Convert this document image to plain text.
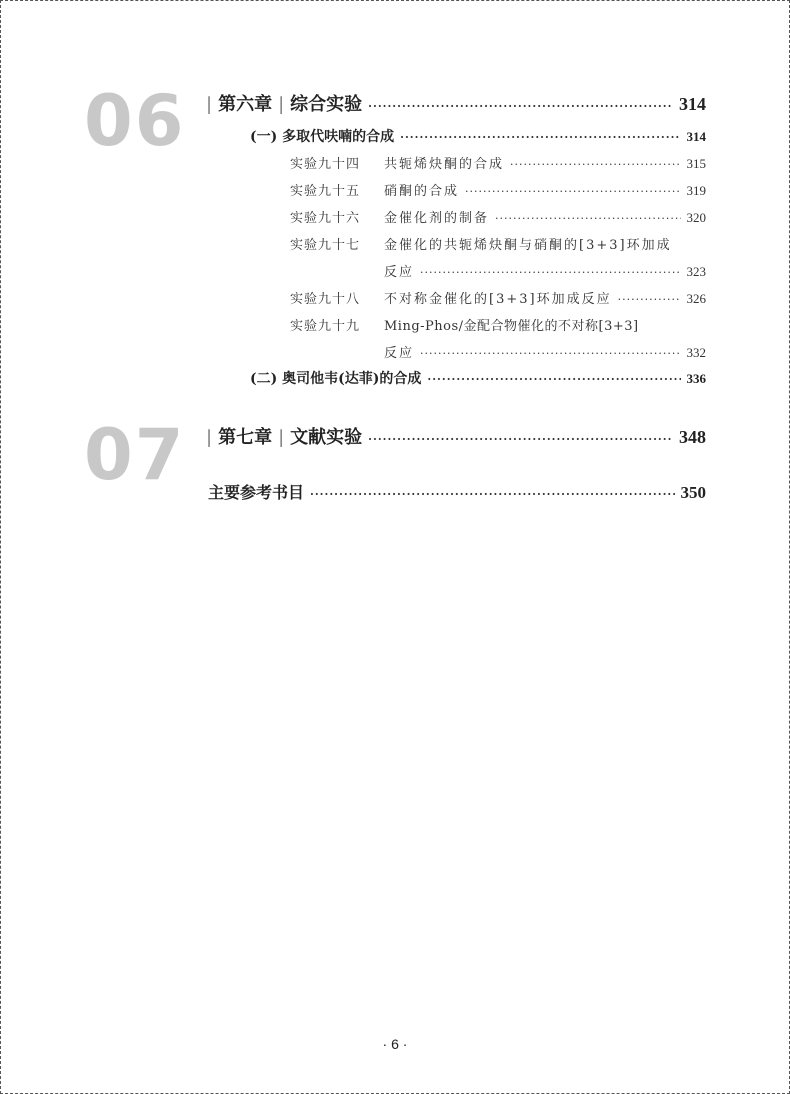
06 | 第六章 | 综合实验 ·····	314
(一) 多取代呋喃的合成 ·····	314
实验九十四	共轭烯炔酮的合成 ·····	315
实验九十五	硝酮的合成 ·····	319
实验九十六	金催化剂的制备 ·····	320
实验九十七	金催化的共轭烯炔酮与硝酮的[3+3]环加成
反应 ·····	323
实验九十八	不对称金催化的[3+3]环加成反应 ·····	326
实验九十九	Ming-Phos/金配合物催化的不对称[3+3]
反应 ·····	332
(二) 奥司他韦(达菲)的合成 ·····	336
07 | 第七章 | 文献实验 ·····	348
主要参考书目 ·····	350
· 6 ·
